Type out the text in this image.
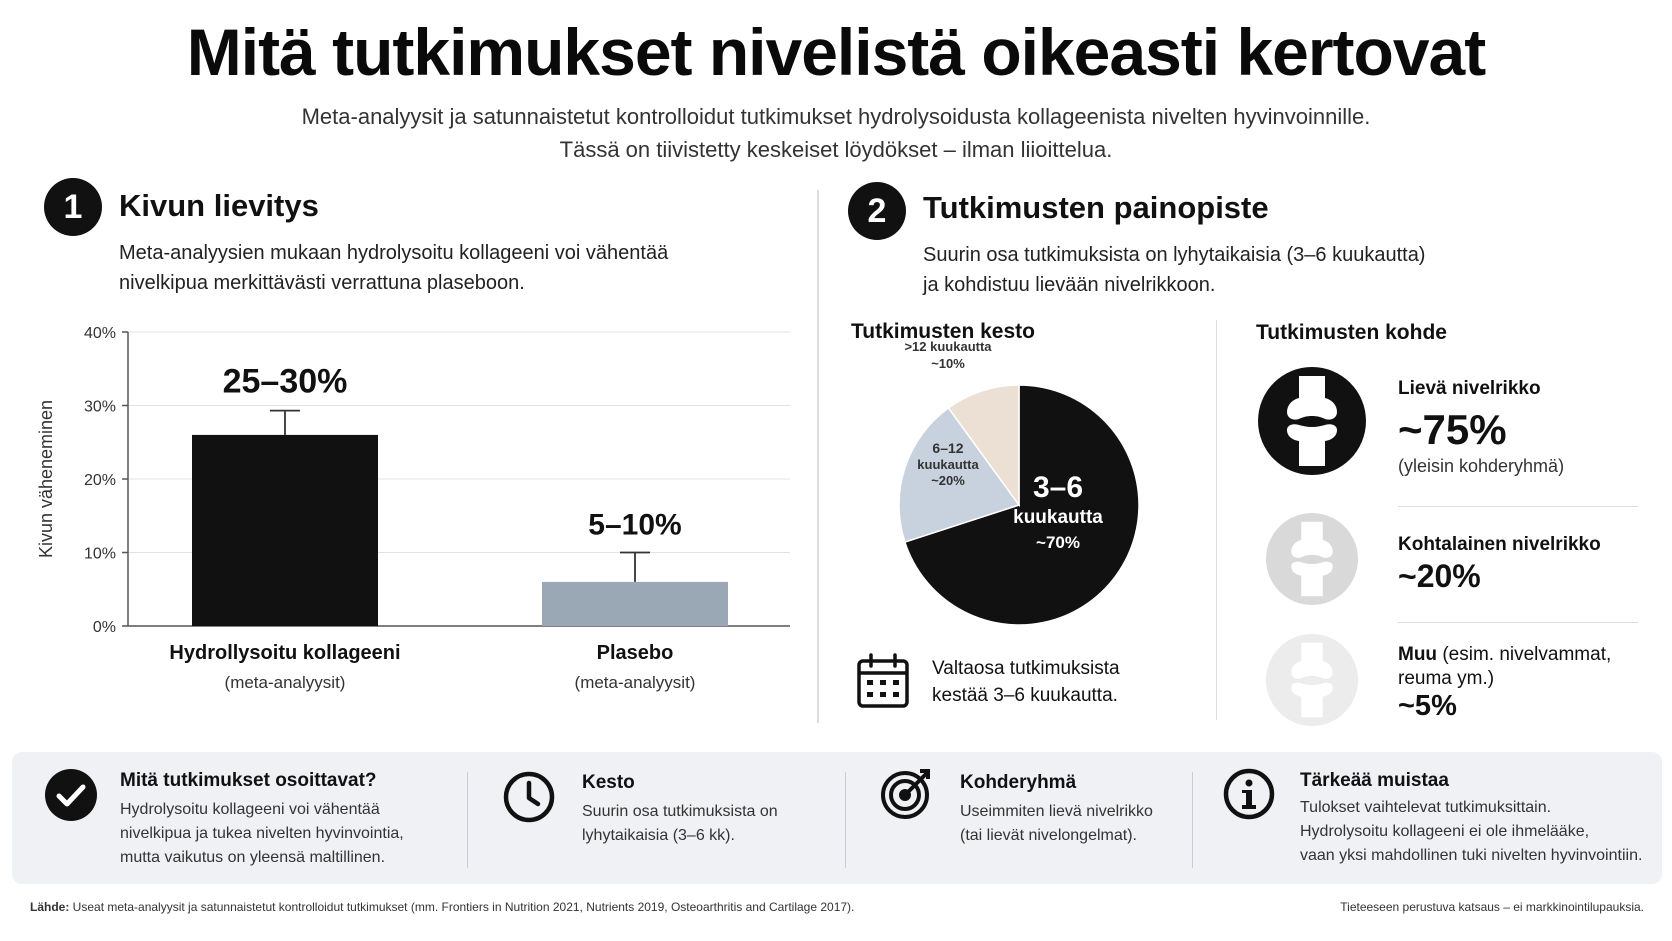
Mitä tutkimukset nivelistä oikeasti kertovat
Meta-analyysit ja satunnaistetut kontrolloidut tutkimukset hydrolysoidusta kollageenista nivelten hyvinvoinnille.
Tässä on tiivistetty keskeiset löydökset – ilman liioittelua.
1	Kivun lievitys
Meta-analyysien mukaan hydrolysoitu kollageeni voi vähentää
nivelkipua merkittävästi verrattuna plaseboon.
0%
10%
20%
30%
40%
Kivun väheneminen
25–30%
5–10%
Hydrollysoitu kollageeni
(meta-analyysit)
Plasebo
(meta-analyysit)
2	Tutkimusten painopiste
Suurin osa tutkimuksista on lyhytaikaisia (3–6 kuukautta)
ja kohdistuu lievään nivelrikkoon.
Tutkimusten kesto
3–6
kuukautta
~70%
6–12
kuukautta
~20%
Valtaosa tutkimuksista
kestää 3–6 kuukautta.
Tutkimusten kohde
Lievä nivelrikko
~75%
(yleisin kohderyhmä)
Kohtalainen nivelrikko
~20%
Muu (esim. nivelvammat,
reuma ym.)
~5%
Mitä tutkimukset osoittavat?
Hydrolysoitu kollageeni voi vähentää
nivelkipua ja tukea nivelten hyvinvointia,
mutta vaikutus on yleensä maltillinen.
Kesto
Suurin osa tutkimuksista on
lyhytaikaisia (3–6 kk).
Kohderyhmä
Useimmiten lievä nivelrikko
(tai lievät nivelongelmat).
Tärkeää muistaa
Tulokset vaihtelevat tutkimuksittain.
Hydrolysoitu kollageeni ei ole ihmelääke,
vaan yksi mahdollinen tuki nivelten hyvinvointiin.
Lähde: Useat meta-analyysit ja satunnaistetut kontrolloidut tutkimukset (mm. Frontiers in Nutrition 2021, Nutrients 2019, Osteoarthritis and Cartilage 2017).	Tieteeseen perustuva katsaus – ei markkinointilupauksia.
>12 kuukautta
~10%
